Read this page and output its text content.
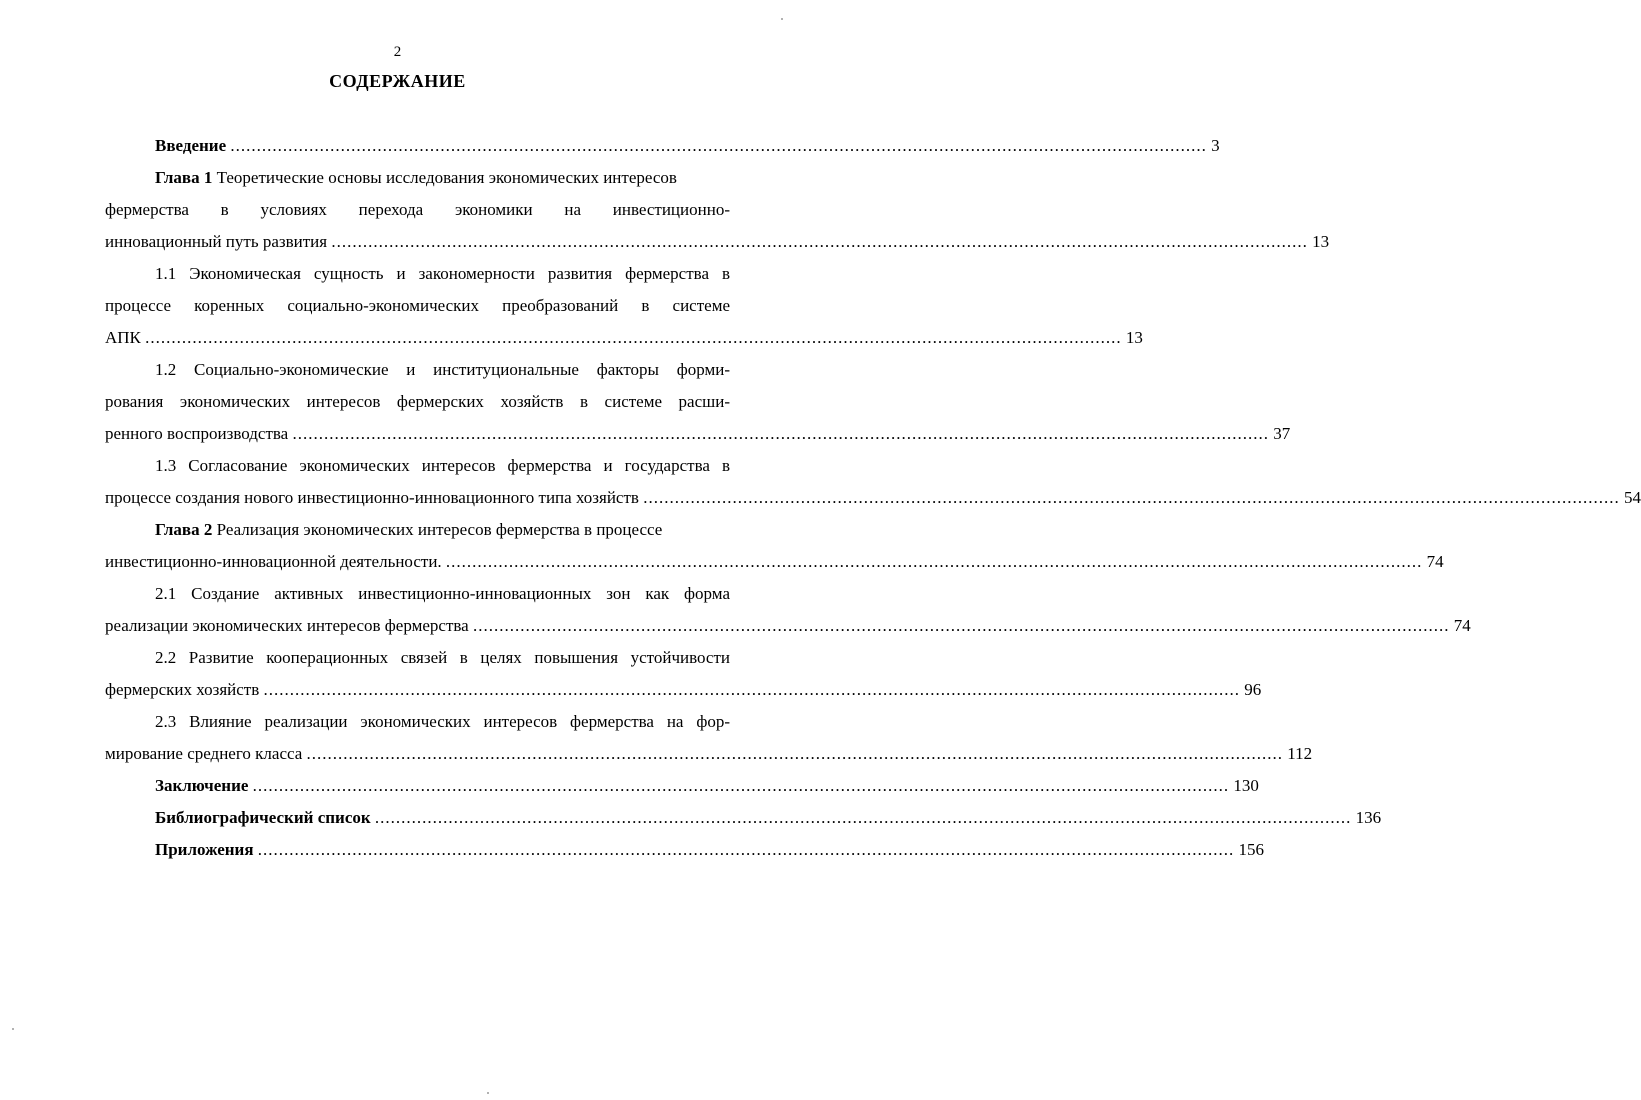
2
СОДЕРЖАНИЕ
Введение .....	3
Глава 1 Теоретические основы исследования экономических интересов
фермерства в условиях перехода экономики на инвестиционно-
инновационный путь развития .....	13
1.1 Экономическая сущность и закономерности развития фермерства в
процессе коренных социально-экономических преобразований в системе
АПК .....	13
1.2 Социально-экономические и институциональные факторы форми-
рования экономических интересов фермерских хозяйств в системе расши-
ренного воспроизводства .....	37
1.3 Согласование экономических интересов фермерства и государства в
процессе создания нового инвестиционно-инновационного типа хозяйств .....	54
Глава 2 Реализация экономических интересов фермерства в процессе
инвестиционно-инновационной деятельности. .....	74
2.1 Создание активных инвестиционно-инновационных зон как форма
реализации экономических интересов фермерства .....	74
2.2 Развитие кооперационных связей в целях повышения устойчивости
фермерских хозяйств .....	96
2.3 Влияние реализации экономических интересов фермерства на фор-
мирование среднего класса .....	112
Заключение .....	130
Библиографический список .....	136
Приложения .....	156
